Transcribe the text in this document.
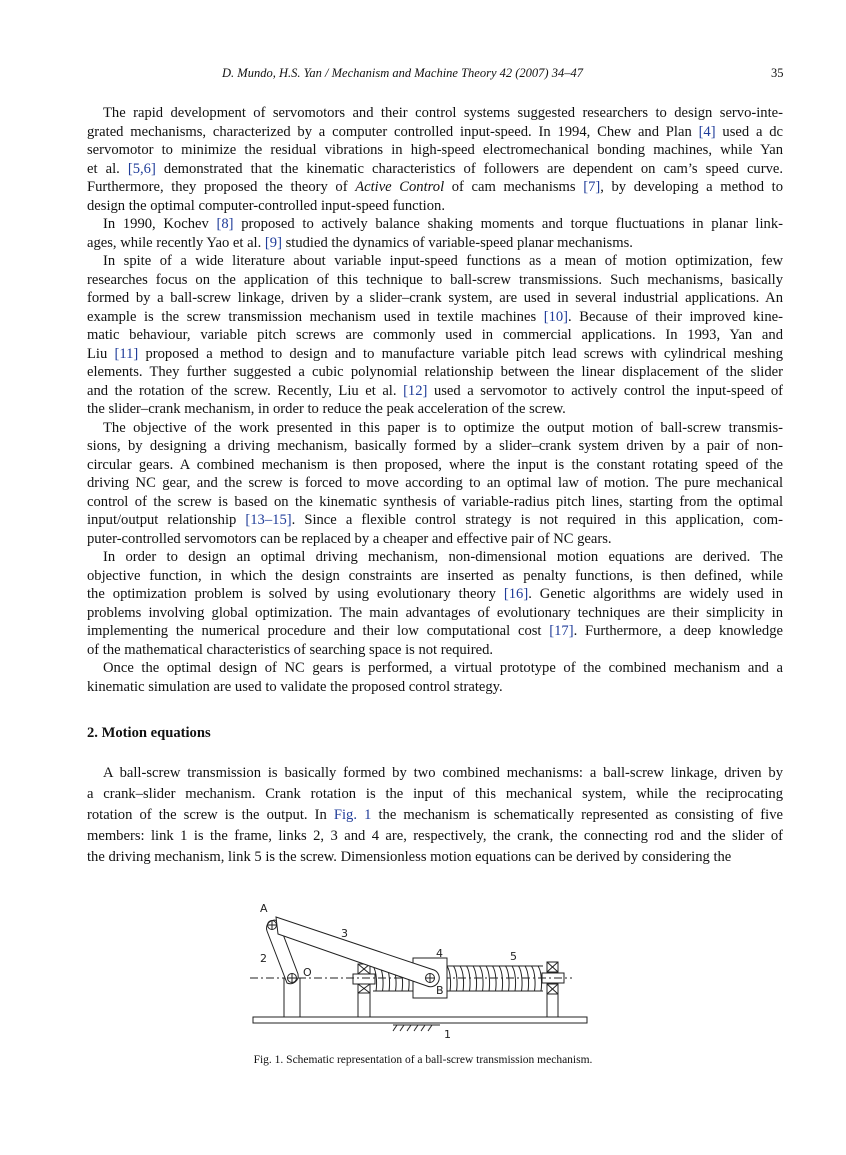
D. Mundo, H.S. Yan / Mechanism and Machine Theory 42 (2007) 34–47	35
The rapid development of servomotors and their control systems suggested researchers to design servo-inte-
grated mechanisms, characterized by a computer controlled input-speed. In 1994, Chew and Plan [4] used a dc
servomotor to minimize the residual vibrations in high-speed electromechanical bonding machines, while Yan
et al. [5,6] demonstrated that the kinematic characteristics of followers are dependent on cam’s speed curve.
Furthermore, they proposed the theory of Active Control of cam mechanisms [7], by developing a method to
design the optimal computer-controlled input-speed function.
In 1990, Kochev [8] proposed to actively balance shaking moments and torque fluctuations in planar link-
ages, while recently Yao et al. [9] studied the dynamics of variable-speed planar mechanisms.
In spite of a wide literature about variable input-speed functions as a mean of motion optimization, few
researches focus on the application of this technique to ball-screw transmissions. Such mechanisms, basically
formed by a ball-screw linkage, driven by a slider–crank system, are used in several industrial applications. An
example is the screw transmission mechanism used in textile machines [10]. Because of their improved kine-
matic behaviour, variable pitch screws are commonly used in commercial applications. In 1993, Yan and
Liu [11] proposed a method to design and to manufacture variable pitch lead screws with cylindrical meshing
elements. They further suggested a cubic polynomial relationship between the linear displacement of the slider
and the rotation of the screw. Recently, Liu et al. [12] used a servomotor to actively control the input-speed of
the slider–crank mechanism, in order to reduce the peak acceleration of the screw.
The objective of the work presented in this paper is to optimize the output motion of ball-screw transmis-
sions, by designing a driving mechanism, basically formed by a slider–crank system driven by a pair of non-
circular gears. A combined mechanism is then proposed, where the input is the constant rotating speed of the
driving NC gear, and the screw is forced to move according to an optimal law of motion. The pure mechanical
control of the screw is based on the kinematic synthesis of variable-radius pitch lines, starting from the optimal
input/output relationship [13–15]. Since a flexible control strategy is not required in this application, com-
puter-controlled servomotors can be replaced by a cheaper and effective pair of NC gears.
In order to design an optimal driving mechanism, non-dimensional motion equations are derived. The
objective function, in which the design constraints are inserted as penalty functions, is then defined, while
the optimization problem is solved by using evolutionary theory [16]. Genetic algorithms are widely used in
problems involving global optimization. The main advantages of evolutionary techniques are their simplicity in
implementing the numerical procedure and their low computational cost [17]. Furthermore, a deep knowledge
of the mathematical characteristics of searching space is not required.
Once the optimal design of NC gears is performed, a virtual prototype of the combined mechanism and a
kinematic simulation are used to validate the proposed control strategy.
A ball-screw transmission is basically formed by two combined mechanisms: a ball-screw linkage, driven by
a crank–slider mechanism. Crank rotation is the input of this mechanical system, while the reciprocating
rotation of the screw is the output. In Fig. 1 the mechanism is schematically represented as consisting of five
members: link 1 is the frame, links 2, 3 and 4 are, respectively, the crank, the connecting rod and the slider of
the driving mechanism, link 5 is the screw. Dimensionless motion equations can be derived by considering the
2. Motion equations
A
2
3
O
4	5
B
1
Fig. 1. Schematic representation of a ball-screw transmission mechanism.
